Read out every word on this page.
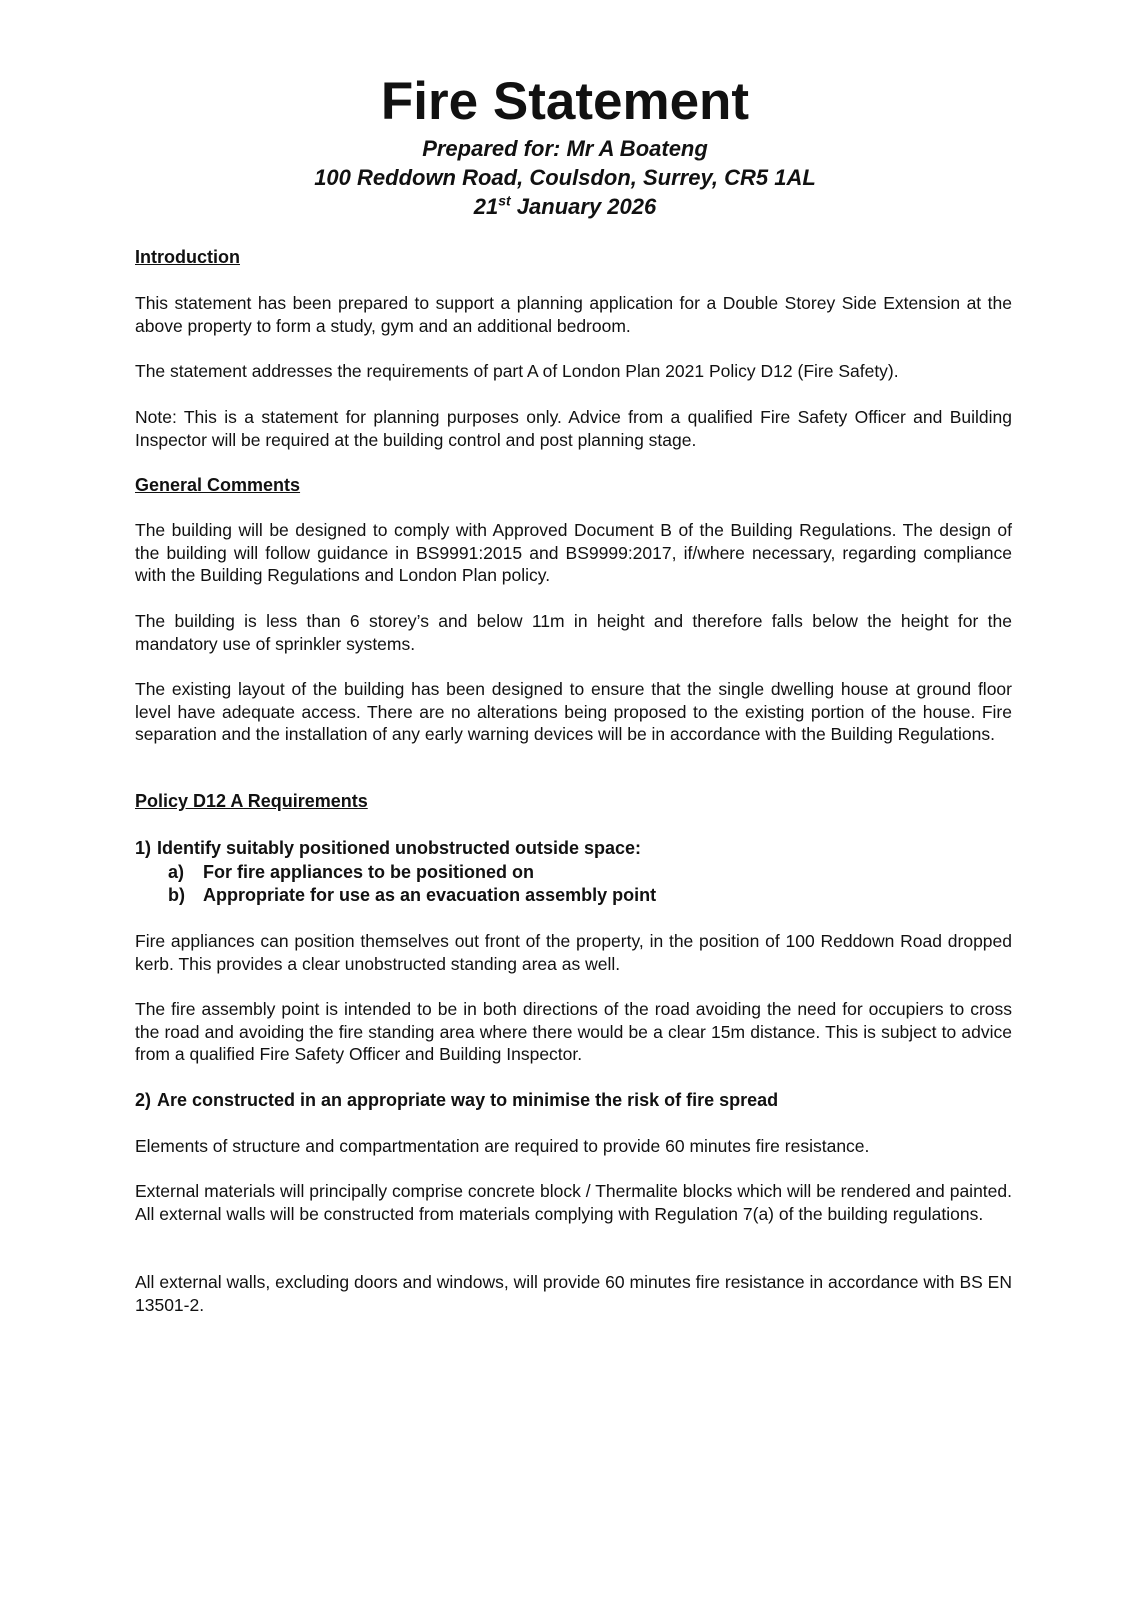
Fire Statement

Prepared for: Mr A Boateng

100 Reddown Road, Coulsdon, Surrey, CR5 1AL

21st January 2026

Introduction

This statement has been prepared to support a planning application for a Double Storey Side Extension at the above property to form a study, gym and an additional bedroom.

The statement addresses the requirements of part A of London Plan 2021 Policy D12 (Fire Safety).

Note: This is a statement for planning purposes only. Advice from a qualified Fire Safety Officer and Building Inspector will be required at the building control and post planning stage.

General Comments

The building will be designed to comply with Approved Document B of the Building Regulations. The design of the building will follow guidance in BS9991:2015 and BS9999:2017, if/where necessary, regarding compliance with the Building Regulations and London Plan policy.

The building is less than 6 storey’s and below 11m in height and therefore falls below the height for the mandatory use of sprinkler systems.

The existing layout of the building has been designed to ensure that the single dwelling house at ground floor level have adequate access. There are no alterations being proposed to the existing portion of the house. Fire separation and the installation of any early warning devices will be in accordance with the Building Regulations.

Policy D12 A Requirements

1) Identify suitably positioned unobstructed outside space:

a) For fire appliances to be positioned on

b) Appropriate for use as an evacuation assembly point

Fire appliances can position themselves out front of the property, in the position of 100 Reddown Road dropped kerb. This provides a clear unobstructed standing area as well.

The fire assembly point is intended to be in both directions of the road avoiding the need for occupiers to cross the road and avoiding the fire standing area where there would be a clear 15m distance. This is subject to advice from a qualified Fire Safety Officer and Building Inspector.

2) Are constructed in an appropriate way to minimise the risk of fire spread

Elements of structure and compartmentation are required to provide 60 minutes fire resistance.

External materials will principally comprise concrete block / Thermalite blocks which will be rendered and painted. All external walls will be constructed from materials complying with Regulation 7(a) of the building regulations.

All external walls, excluding doors and windows, will provide 60 minutes fire resistance in accordance with BS EN 13501-2.
